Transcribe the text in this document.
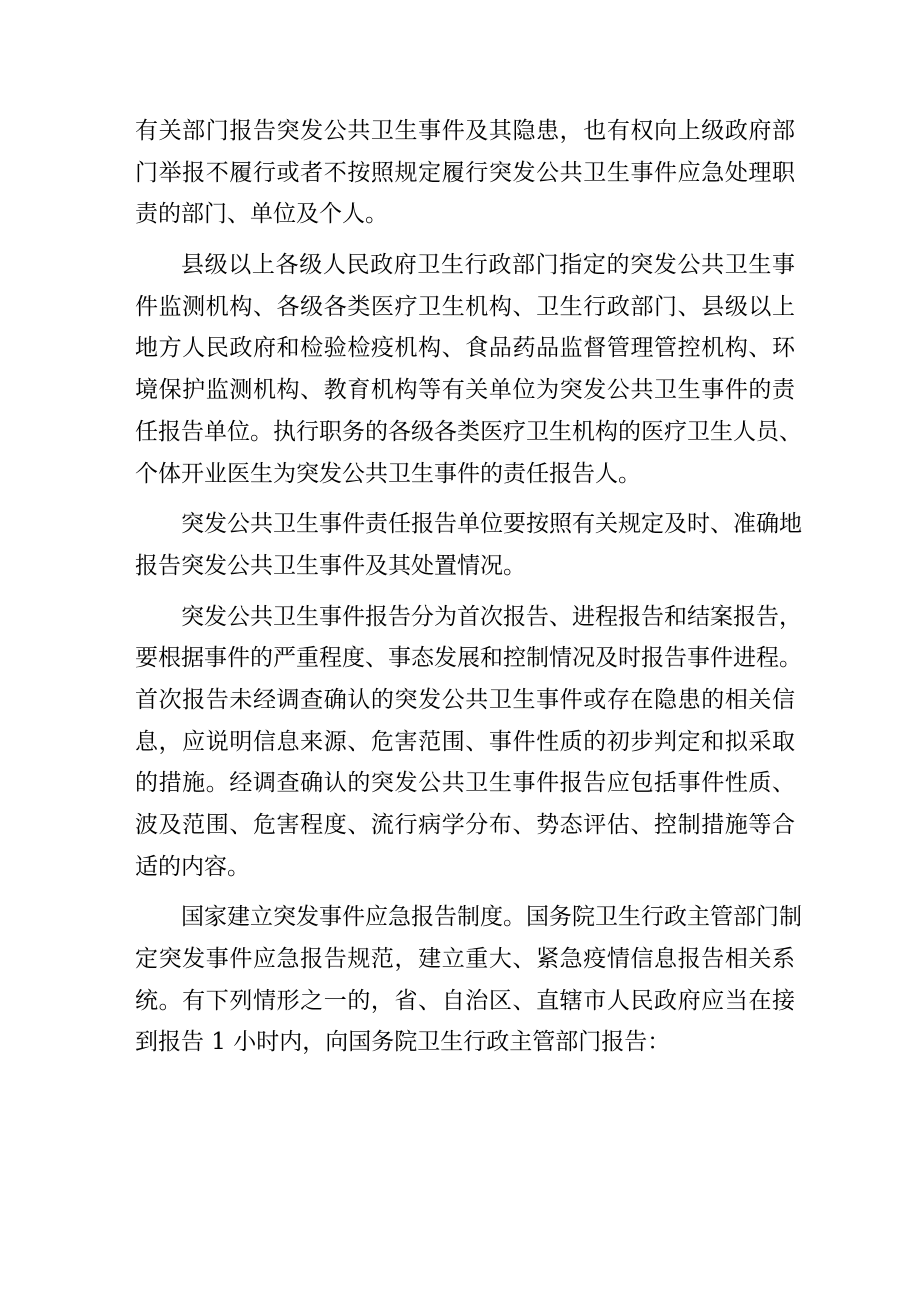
有关部门报告突发公共卫生事件及其隐患，也有权向上级政府部
门举报不履行或者不按照规定履行突发公共卫生事件应急处理职
责的部门、单位及个人。
县级以上各级人民政府卫生行政部门指定的突发公共卫生事
件监测机构、各级各类医疗卫生机构、卫生行政部门、县级以上
地方人民政府和检验检疫机构、食品药品监督管理管控机构、环
境保护监测机构、教育机构等有关单位为突发公共卫生事件的责
任报告单位。执行职务的各级各类医疗卫生机构的医疗卫生人员、
个体开业医生为突发公共卫生事件的责任报告人。
突发公共卫生事件责任报告单位要按照有关规定及时、准确地
报告突发公共卫生事件及其处置情况。
突发公共卫生事件报告分为首次报告、进程报告和结案报告，
要根据事件的严重程度、事态发展和控制情况及时报告事件进程。
首次报告未经调查确认的突发公共卫生事件或存在隐患的相关信
息，应说明信息来源、危害范围、事件性质的初步判定和拟采取
的措施。经调查确认的突发公共卫生事件报告应包括事件性质、
波及范围、危害程度、流行病学分布、势态评估、控制措施等合
适的内容。
国家建立突发事件应急报告制度。国务院卫生行政主管部门制
定突发事件应急报告规范，建立重大、紧急疫情信息报告相关系
统。有下列情形之一的，省、自治区、直辖市人民政府应当在接
到报告 1 小时内，向国务院卫生行政主管部门报告：
